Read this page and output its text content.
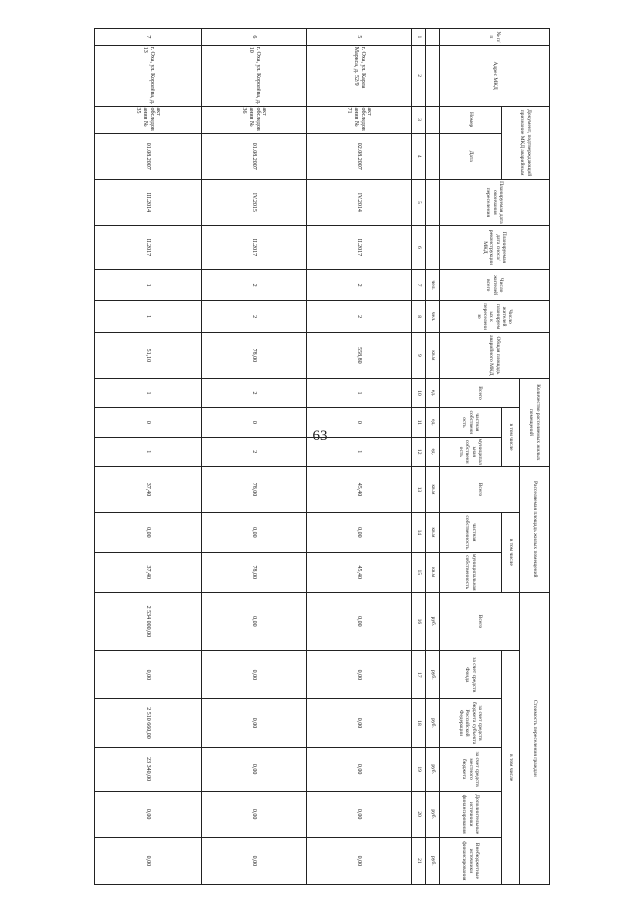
63
№ п/п	Адрес МКД	Документ, подтверждающий признание МКД аварийным		Планируемая дата окончания переселения	Планируемая дата сноса/ реконструкции МКД	Число жителей всего	Число жителей планируемых к переселению	Общая площадь аварийного МКД	Количество расселяемых жилых помещений			Расселяемая площадь жилых помещений			Стоимость переселения граждан					
									Всего	в том числе		Всего	в том числе		Всего	в том числе				
		Номер	Дата							частная собственность	муниципальная собственность		частная собственность	муниципальная собственность		за счет средств Фонда	за счет средств бюджета субъекта Российской Федерации	за счет средств местного бюджета	Дополнительные источники финансирования	Внебюджетные источники финансирования
						чел.	чел.	кв.м	ед.	ед.	ед.	кв.м	кв.м	кв.м	руб.	руб.	руб.	руб.	руб.	руб.
1	2	3	4	5	6	7	8	9	10	11	12	13	14	15	16	17	18	19	20	21
5	г. Оха, ул. Карла Маркса, д. 52/9	акт обследования № 71	02.08.2007	IV.2014	II.2017	2	2	558,80	1	0	1	45,40	0,00	45,40	0,00	0,00	0,00	0,00	0,00	0,00
6	г. Оха, ул. Королёва, д. 10	акт обследования № 36	01.08.2007	IV.2015	II.2017	2	2	78,00	2	0	2	78,00	0,00	78,00	0,00	0,00	0,00	0,00	0,00	0,00
7	г. Оха, ул. Королёва, д. 13	акт обследования № 35	01.08.2007	III.2014	II.2017	1	1	51,10	1	0	1	37,40	0,00	37,40	2 534 000,00	0,00	2 510 660,00	23 340,00	0,00	0,00
